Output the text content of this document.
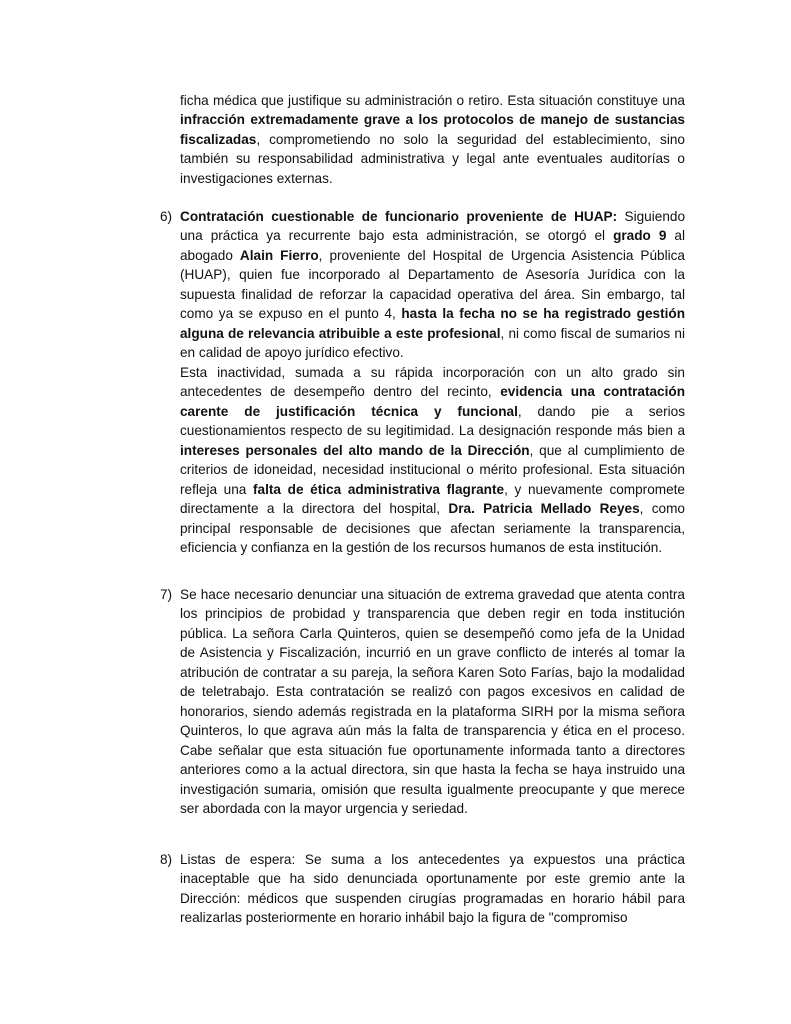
ficha médica que justifique su administración o retiro. Esta situación constituye una infracción extremadamente grave a los protocolos de manejo de sustancias fiscalizadas, comprometiendo no solo la seguridad del establecimiento, sino también su responsabilidad administrativa y legal ante eventuales auditorías o investigaciones externas.

6) Contratación cuestionable de funcionario proveniente de HUAP: Siguiendo una práctica ya recurrente bajo esta administración, se otorgó el grado 9 al abogado Alain Fierro, proveniente del Hospital de Urgencia Asistencia Pública (HUAP), quien fue incorporado al Departamento de Asesoría Jurídica con la supuesta finalidad de reforzar la capacidad operativa del área. Sin embargo, tal como ya se expuso en el punto 4, hasta la fecha no se ha registrado gestión alguna de relevancia atribuible a este profesional, ni como fiscal de sumarios ni en calidad de apoyo jurídico efectivo.

Esta inactividad, sumada a su rápida incorporación con un alto grado sin antecedentes de desempeño dentro del recinto, evidencia una contratación carente de justificación técnica y funcional, dando pie a serios cuestionamientos respecto de su legitimidad. La designación responde más bien a intereses personales del alto mando de la Dirección, que al cumplimiento de criterios de idoneidad, necesidad institucional o mérito profesional. Esta situación refleja una falta de ética administrativa flagrante, y nuevamente compromete directamente a la directora del hospital, Dra. Patricia Mellado Reyes, como principal responsable de decisiones que afectan seriamente la transparencia, eficiencia y confianza en la gestión de los recursos humanos de esta institución.

7) Se hace necesario denunciar una situación de extrema gravedad que atenta contra los principios de probidad y transparencia que deben regir en toda institución pública. La señora Carla Quinteros, quien se desempeñó como jefa de la Unidad de Asistencia y Fiscalización, incurrió en un grave conflicto de interés al tomar la atribución de contratar a su pareja, la señora Karen Soto Farías, bajo la modalidad de teletrabajo. Esta contratación se realizó con pagos excesivos en calidad de honorarios, siendo además registrada en la plataforma SIRH por la misma señora Quinteros, lo que agrava aún más la falta de transparencia y ética en el proceso. Cabe señalar que esta situación fue oportunamente informada tanto a directores anteriores como a la actual directora, sin que hasta la fecha se haya instruido una investigación sumaria, omisión que resulta igualmente preocupante y que merece ser abordada con la mayor urgencia y seriedad.

8) Listas de espera: Se suma a los antecedentes ya expuestos una práctica inaceptable que ha sido denunciada oportunamente por este gremio ante la Dirección: médicos que suspenden cirugías programadas en horario hábil para realizarlas posteriormente en horario inhábil bajo la figura de "compromiso
